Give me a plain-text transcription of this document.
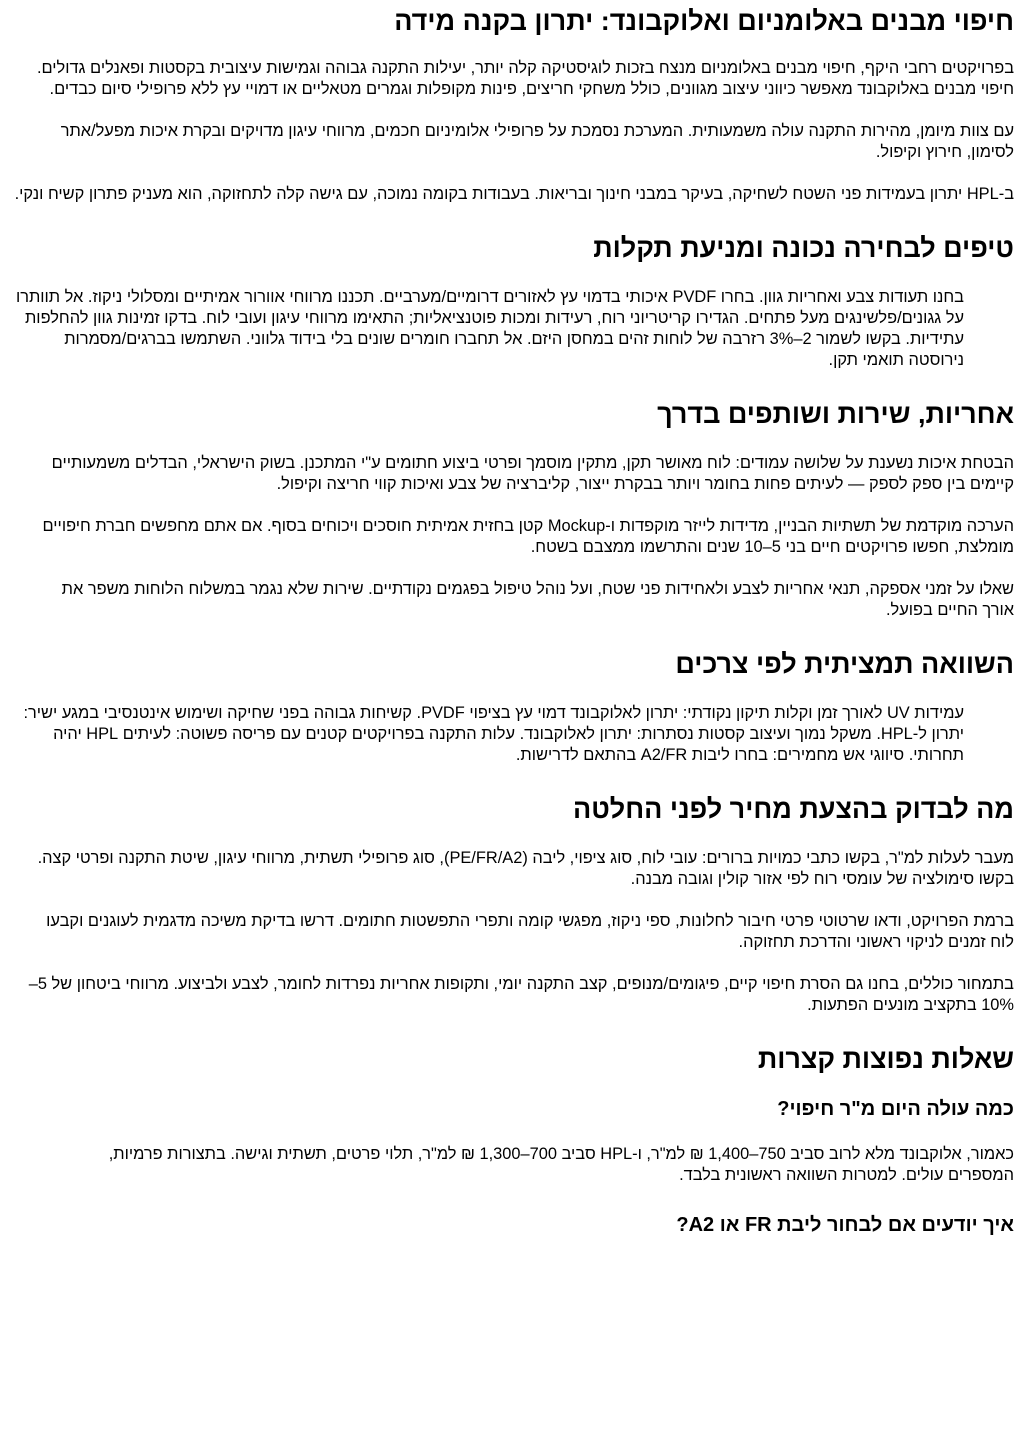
חיפוי מבנים באלומניום ואלוקבונד: יתרון בקנה מידה

בפרויקטים רחבי היקף, חיפוי מבנים באלומניום מנצח בזכות לוגיסטיקה קלה יותר, יעילות התקנה גבוהה וגמישות עיצובית בקסטות ופאנלים גדולים. חיפוי מבנים באלוקבונד מאפשר כיווני עיצוב מגוונים, כולל משחקי חריצים, פינות מקופלות וגמרים מטאליים או דמויי עץ ללא פרופילי סיום כבדים.

עם צוות מיומן, מהירות התקנה עולה משמעותית. המערכת נסמכת על פרופילי אלומיניום חכמים, מרווחי עיגון מדויקים ובקרת איכות מפעל/אתר לסימון, חירוץ וקיפול.

ב-HPL יתרון בעמידות פני השטח לשחיקה, בעיקר במבני חינוך ובריאות. בעבודות בקומה נמוכה, עם גישה קלה לתחזוקה, הוא מעניק פתרון קשיח ונקי.

טיפים לבחירה נכונה ומניעת תקלות

בחנו תעודות צבע ואחריות גוון. בחרו PVDF איכותי בדמוי עץ לאזורים דרומיים/מערביים. תכננו מרווחי אוורור אמיתיים ומסלולי ניקוז. אל תוותרו על גגונים/פלשינגים מעל פתחים. הגדירו קריטריוני רוח, רעידות ומכות פוטנציאליות; התאימו מרווחי עיגון ועובי לוח. בדקו זמינות גוון להחלפות עתידיות. בקשו לשמור 2–3% רזרבה של לוחות זהים במחסן היזם. אל תחברו חומרים שונים בלי בידוד גלווני. השתמשו בברגים/מסמרות נירוסטה תואמי תקן.

אחריות, שירות ושותפים בדרך

הבטחת איכות נשענת על שלושה עמודים: לוח מאושר תקן, מתקין מוסמך ופרטי ביצוע חתומים ע"י המתכנן. בשוק הישראלי, הבדלים משמעותיים קיימים בין ספק לספק — לעיתים פחות בחומר ויותר בבקרת ייצור, קליברציה של צבע ואיכות קווי חריצה וקיפול.

הערכה מוקדמת של תשתיות הבניין, מדידות לייזר מוקפדות ו-Mockup קטן בחזית אמיתית חוסכים ויכוחים בסוף. אם אתם מחפשים חברת חיפויים מומלצת, חפשו פרויקטים חיים בני 5–10 שנים והתרשמו ממצבם בשטח.

שאלו על זמני אספקה, תנאי אחריות לצבע ולאחידות פני שטח, ועל נוהל טיפול בפגמים נקודתיים. שירות שלא נגמר במשלוח הלוחות משפר את אורך החיים בפועל.

השוואה תמציתית לפי צרכים

עמידות UV לאורך זמן וקלות תיקון נקודתי: יתרון לאלוקבונד דמוי עץ בציפוי PVDF. קשיחות גבוהה בפני שחיקה ושימוש אינטנסיבי במגע ישיר: יתרון ל-HPL. משקל נמוך ועיצוב קסטות נסתרות: יתרון לאלוקבונד. עלות התקנה בפרויקטים קטנים עם פריסה פשוטה: לעיתים HPL יהיה תחרותי. סיווגי אש מחמירים: בחרו ליבות A2/FR בהתאם לדרישות.

מה לבדוק בהצעת מחיר לפני החלטה

מעבר לעלות למ"ר, בקשו כתבי כמויות ברורים: עובי לוח, סוג ציפוי, ליבה (PE/FR/A2), סוג פרופילי תשתית, מרווחי עיגון, שיטת התקנה ופרטי קצה. בקשו סימולציה של עומסי רוח לפי אזור קולין וגובה מבנה.

ברמת הפרויקט, ודאו שרטוטי פרטי חיבור לחלונות, ספי ניקוז, מפגשי קומה ותפרי התפשטות חתומים. דרשו בדיקת משיכה מדגמית לעוגנים וקבעו לוח זמנים לניקוי ראשוני והדרכת תחזוקה.

בתמחור כוללים, בחנו גם הסרת חיפוי קיים, פיגומים/מנופים, קצב התקנה יומי, ותקופות אחריות נפרדות לחומר, לצבע ולביצוע. מרווחי ביטחון של 5–10% בתקציב מונעים הפתעות.

שאלות נפוצות קצרות
כמה עולה היום מ"ר חיפוי?

כאמור, אלוקבונד מלא לרוב סביב 750–1,400 ₪ למ"ר, ו-HPL סביב 700–1,300 ₪ למ"ר, תלוי פרטים, תשתית וגישה. בתצורות פרמיות, המספרים עולים. למטרות השוואה ראשונית בלבד.

איך יודעים אם לבחור ליבת FR או A2?
